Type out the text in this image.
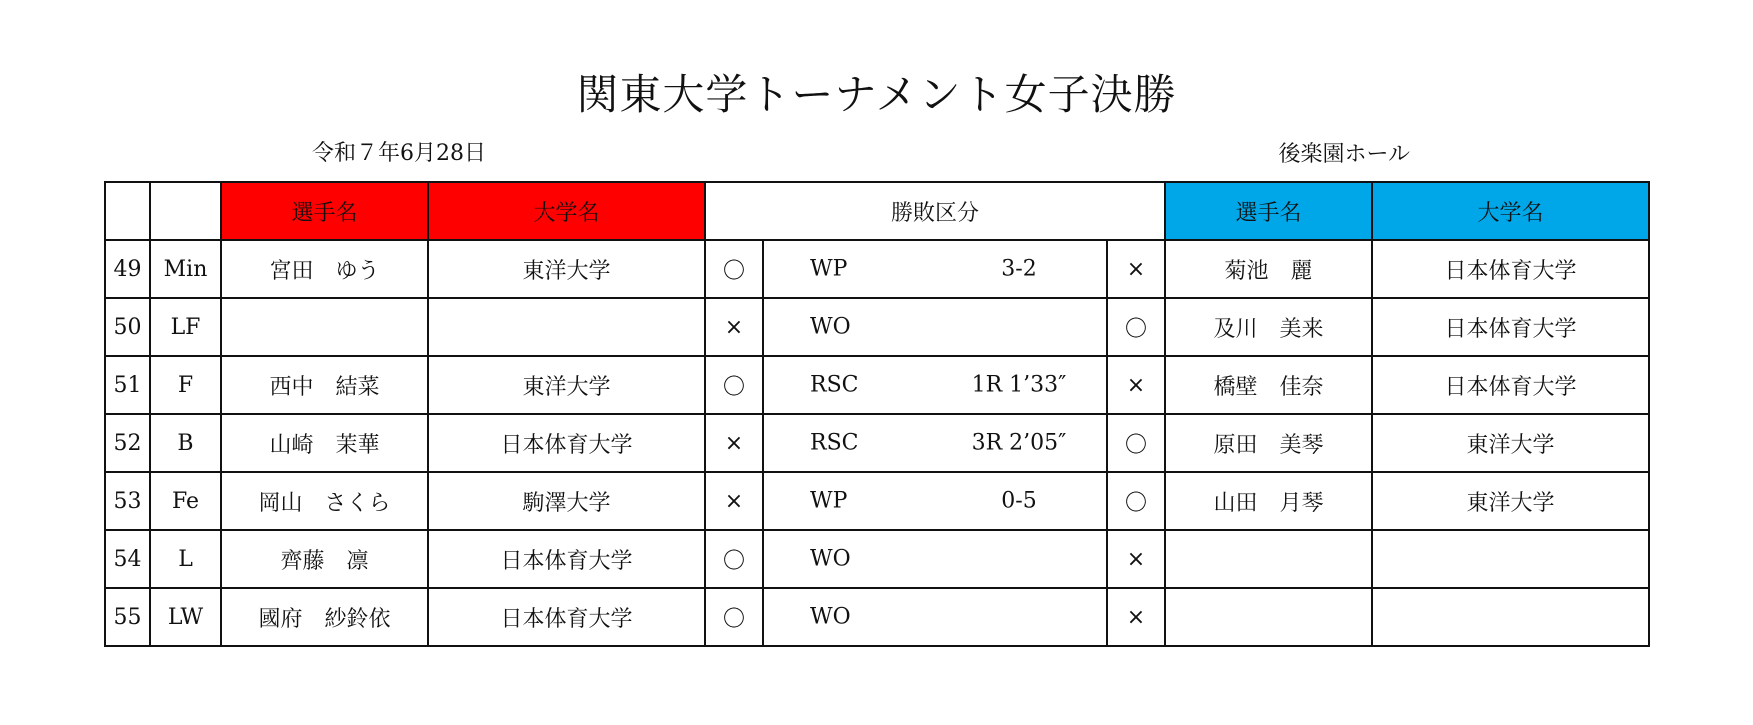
関東大学トーナメント女子決勝
令和７年6月28日	後楽園ホール
		選手名	大学名	勝敗区分			選手名	大学名
49	Min	宮田　ゆう	東洋大学	〇	WP 3-2	×	菊池　麗	日本体育大学
50	LF			×	WO	〇	及川　美来	日本体育大学
51	F	西中　結菜	東洋大学	〇	RSC 1R 1’33″	×	橋壁　佳奈	日本体育大学
52	B	山崎　茉華	日本体育大学	×	RSC 3R 2’05″	〇	原田　美琴	東洋大学
53	Fe	岡山　さくら	駒澤大学	×	WP 0-5	〇	山田　月琴	東洋大学
54	L	齊藤　凛	日本体育大学	〇	WO	×		
55	LW	國府　紗鈴依	日本体育大学	〇	WO	×		
